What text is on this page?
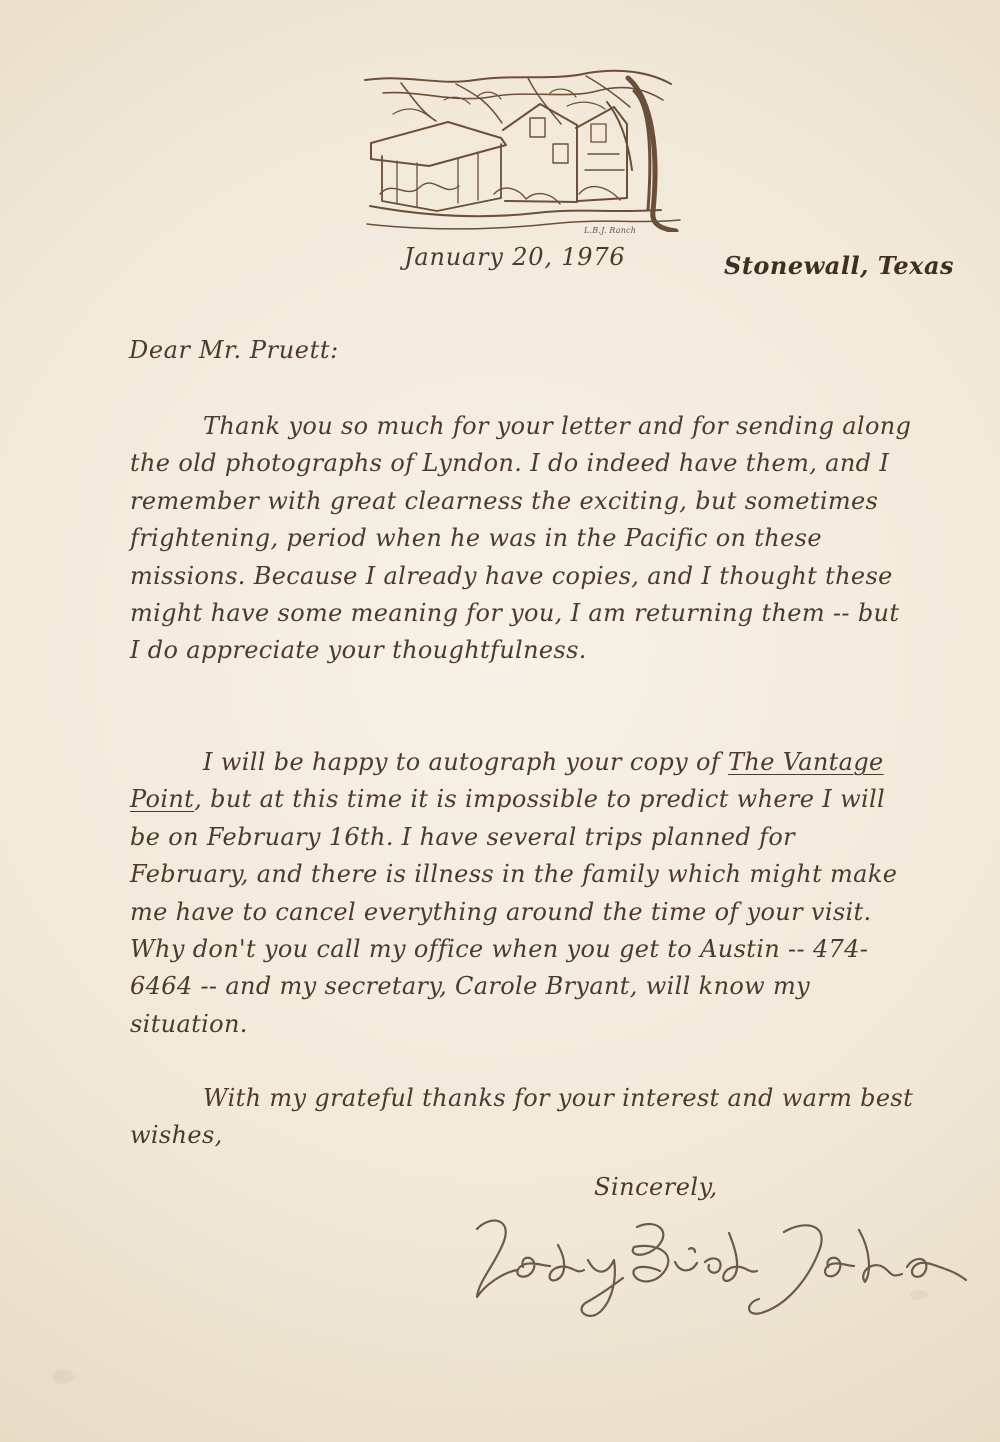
L.B.J. Ranch
January 20, 1976	Stonewall, Texas
Dear Mr. Pruett:

Thank you so much for your letter and for sending along the old photographs of Lyndon. I do indeed have them, and I remember with great clearness the exciting, but sometimes frightening, period when he was in the Pacific on these missions. Because I already have copies, and I thought these might have some meaning for you, I am returning them -- but I do appreciate your thoughtfulness.

I will be happy to autograph your copy of The Vantage Point, but at this time it is impossible to predict where I will be on February 16th. I have several trips planned for February, and there is illness in the family which might make me have to cancel everything around the time of your visit. Why don't you call my office when you get to Austin -- 474-6464 -- and my secretary, Carole Bryant, will know my situation.

With my grateful thanks for your interest and warm best wishes,

Sincerely,
